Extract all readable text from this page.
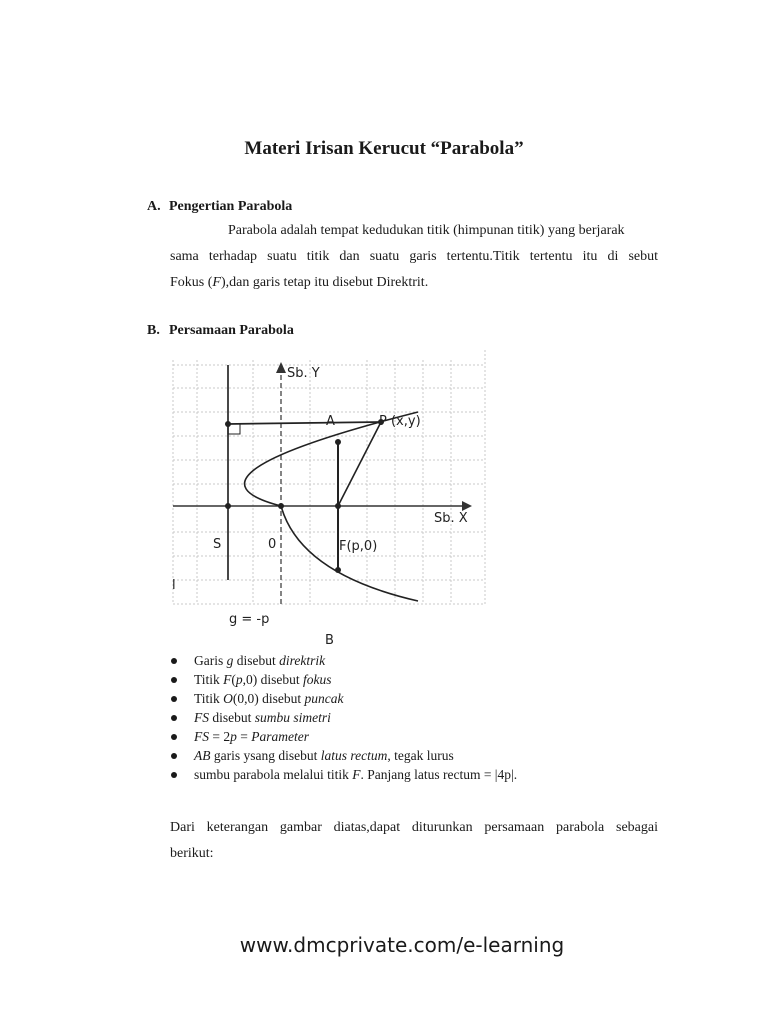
Materi Irisan Kerucut “Parabola”
A. Pengertian Parabola
Parabola adalah tempat kedudukan titik (himpunan titik) yang berjarak
sama terhadap suatu titik dan suatu garis tertentu.Titik tertentu itu di sebut
Fokus (F),dan garis tetap itu disebut Direktrit.
B. Persamaan Parabola
Sb. Y
A	P (x,y)
Sb. X
S	0	F(p,0)
l
g = -p
B
Garis g disebut direktrik
Titik F(p,0) disebut fokus
Titik O(0,0) disebut puncak
FS disebut sumbu simetri
FS = 2p = Parameter
AB garis ysang disebut latus rectum, tegak lurus
sumbu parabola melalui titik F. Panjang latus rectum = |4p|.
Dari keterangan gambar diatas,dapat diturunkan persamaan parabola sebagai
berikut:
www.dmcprivate.com/e-learning
